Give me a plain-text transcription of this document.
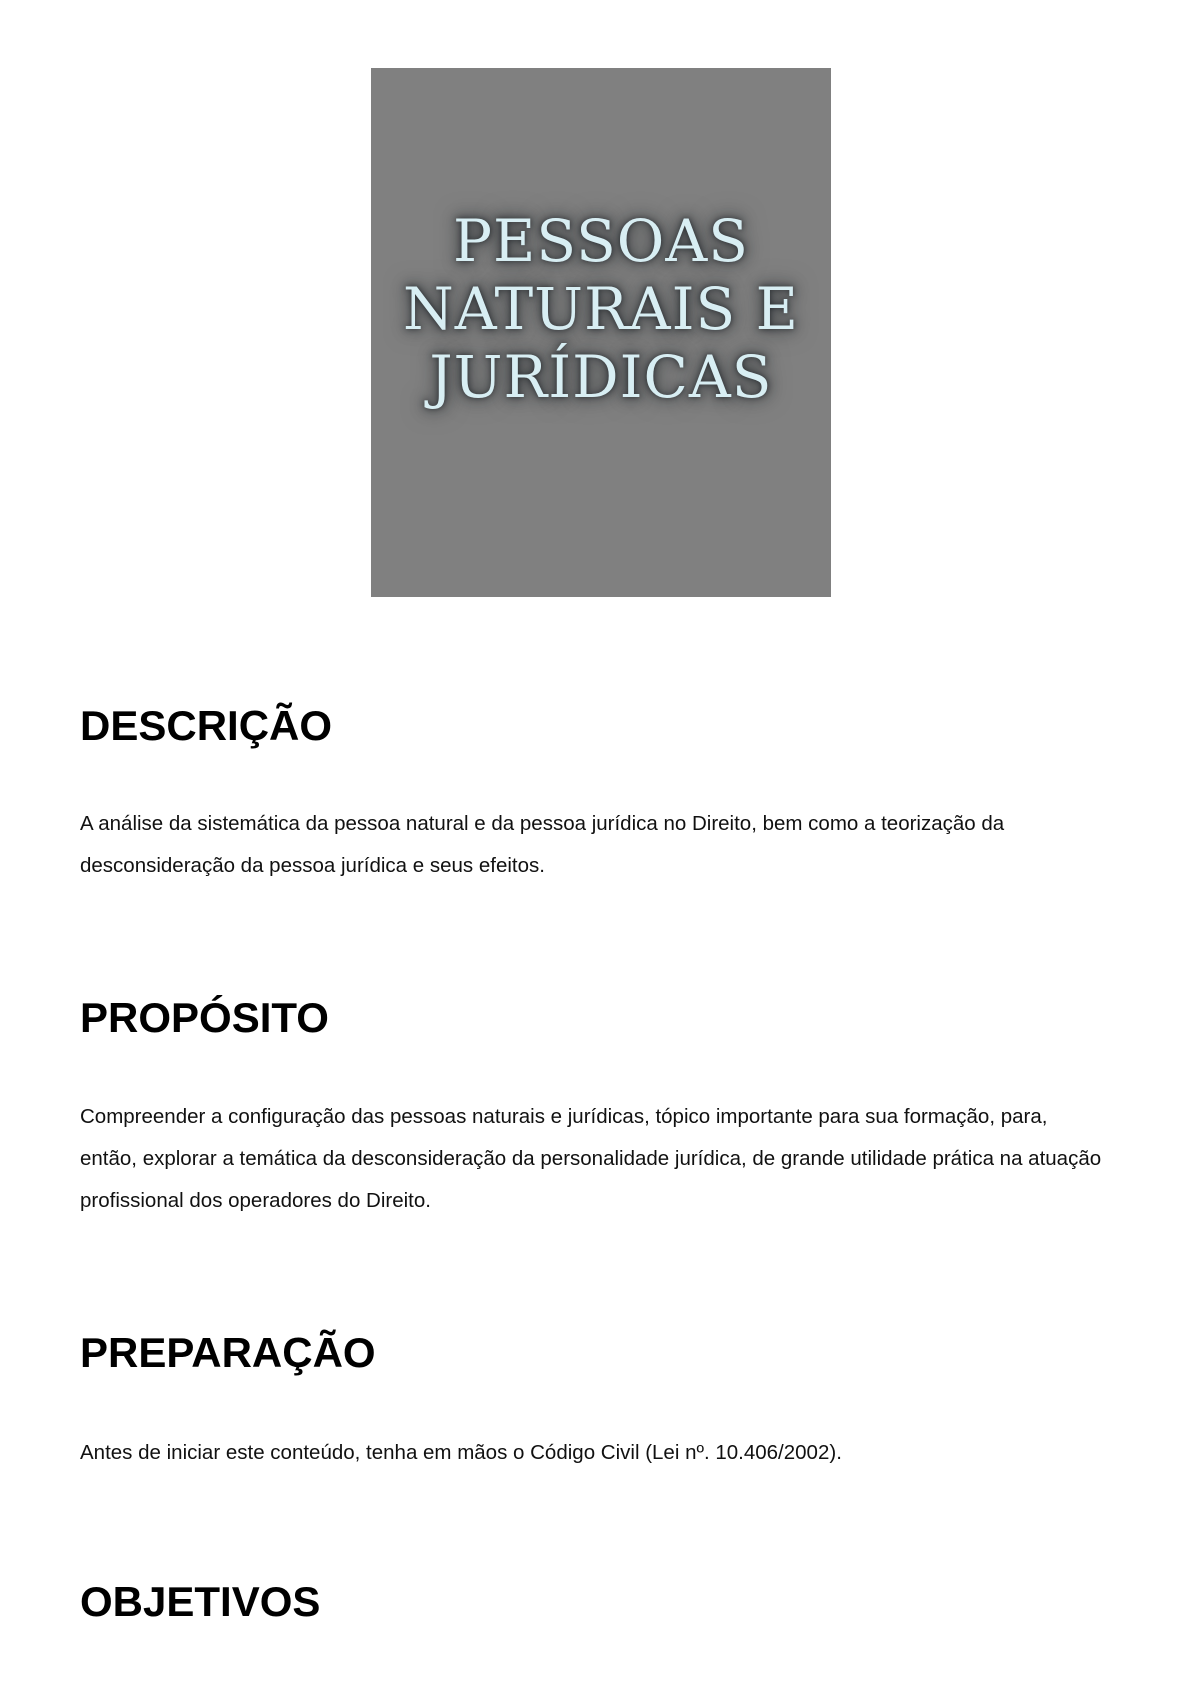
PESSOAS
NATURAIS E
JURÍDICAS
DESCRIÇÃO

A análise da sistemática da pessoa natural e da pessoa jurídica no Direito, bem como a teorização da desconsideração da pessoa jurídica e seus efeitos.

PROPÓSITO

Compreender a configuração das pessoas naturais e jurídicas, tópico importante para sua formação, para, então, explorar a temática da desconsideração da personalidade jurídica, de grande utilidade prática na atuação profissional dos operadores do Direito.

PREPARAÇÃO

Antes de iniciar este conteúdo, tenha em mãos o Código Civil (Lei nº. 10.406/2002).

OBJETIVOS
